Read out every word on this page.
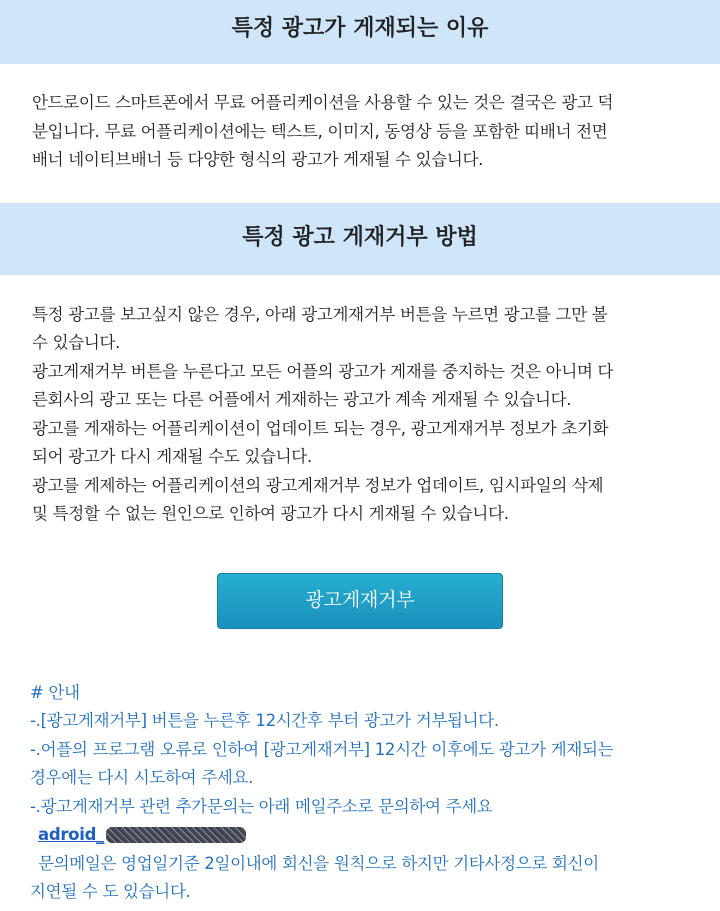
특정 광고가 게재되는 이유
안드로이드 스마트폰에서 무료 어플리케이션을 사용할 수 있는 것은 결국은 광고 덕
분입니다. 무료 어플리케이션에는 텍스트, 이미지, 동영상 등을 포함한 띠배너 전면
배너 네이티브배너 등 다양한 형식의 광고가 게재될 수 있습니다.
특정 광고 게재거부 방법
특정 광고를 보고싶지 않은 경우, 아래 광고게재거부 버튼을 누르면 광고를 그만 볼
수 있습니다.
광고게재거부 버튼을 누른다고 모든 어플의 광고가 게재를 중지하는 것은 아니며 다
른회사의 광고 또는 다른 어플에서 게재하는 광고가 계속 게재될 수 있습니다.
광고를 게재하는 어플리케이션이 업데이트 되는 경우, 광고게재거부 정보가 초기화
되어 광고가 다시 게재될 수도 있습니다.
광고를 게제하는 어플리케이션의 광고게재거부 정보가 업데이트, 임시파일의 삭제
및 특정할 수 없는 원인으로 인하여 광고가 다시 게재될 수 있습니다.
광고게재거부
# 안내
-.[광고게재거부] 버튼을 누른후 12시간후 부터 광고가 거부됩니다.
-.어플의 프로그램 오류로 인하여 [광고게재거부] 12시간 이후에도 광고가 게재되는
경우에는 다시 시도하여 주세요.
-.광고게재거부 관련 추가문의는 아래 메일주소로 문의하여 주세요
adroid_
문의메일은 영업일기준 2일이내에 회신을 원칙으로 하지만 기타사정으로 회신이
지연될 수 도 있습니다.
